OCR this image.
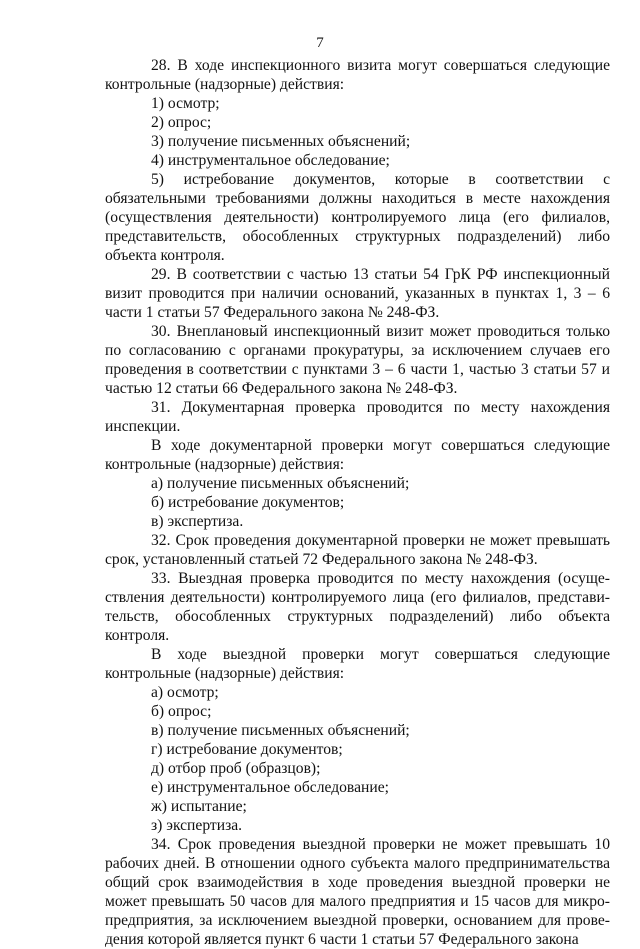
7

28. В ходе инспекционного визита могут совершаться следующие контрольные (надзорные) действия:

1) осмотр;

2) опрос;

3) получение письменных объяснений;

4) инструментальное обследование;

5) истребование документов, которые в соответствии с обязательными требованиями должны находиться в месте нахождения (осуществления деятельности) контролируемого лица (его филиалов, представительств, обособленных структурных подразделений) либо объекта контроля.

29. В соответствии с частью 13 статьи 54 ГрК РФ инспекционный визит проводится при наличии оснований, указанных в пунктах 1, 3 – 6 части 1 статьи 57 Федерального закона № 248-ФЗ.

30. Внеплановый инспекционный визит может проводиться только по согласованию с органами прокуратуры, за исключением случаев его проведения в соответствии с пунктами 3 – 6 части 1, частью 3 статьи 57 и частью 12 статьи 66 Федерального закона № 248-ФЗ.

31. Документарная проверка проводится по месту нахождения инспекции.

В ходе документарной проверки могут совершаться следующие контрольные (надзорные) действия:

а) получение письменных объяснений;

б) истребование документов;

в) экспертиза.

32. Срок проведения документарной проверки не может превышать срок, установленный статьей 72 Федерального закона № 248-ФЗ.

33. Выездная проверка проводится по месту нахождения (осуществления деятельности) контролируемого лица (его филиалов, представительств, обособленных структурных подразделений) либо объекта контроля.

В ходе выездной проверки могут совершаться следующие контрольные (надзорные) действия:

а) осмотр;

б) опрос;

в) получение письменных объяснений;

г) истребование документов;

д) отбор проб (образцов);

е) инструментальное обследование;

ж) испытание;

з) экспертиза.

34. Срок проведения выездной проверки не может превышать 10 рабочих дней. В отношении одного субъекта малого предпринимательства общий срок взаимодействия в ходе проведения выездной проверки не может превышать 50 часов для малого предприятия и 15 часов для микропредприятия, за исключением выездной проверки, основанием для проведения которой является пункт 6 части 1 статьи 57 Федерального закона
